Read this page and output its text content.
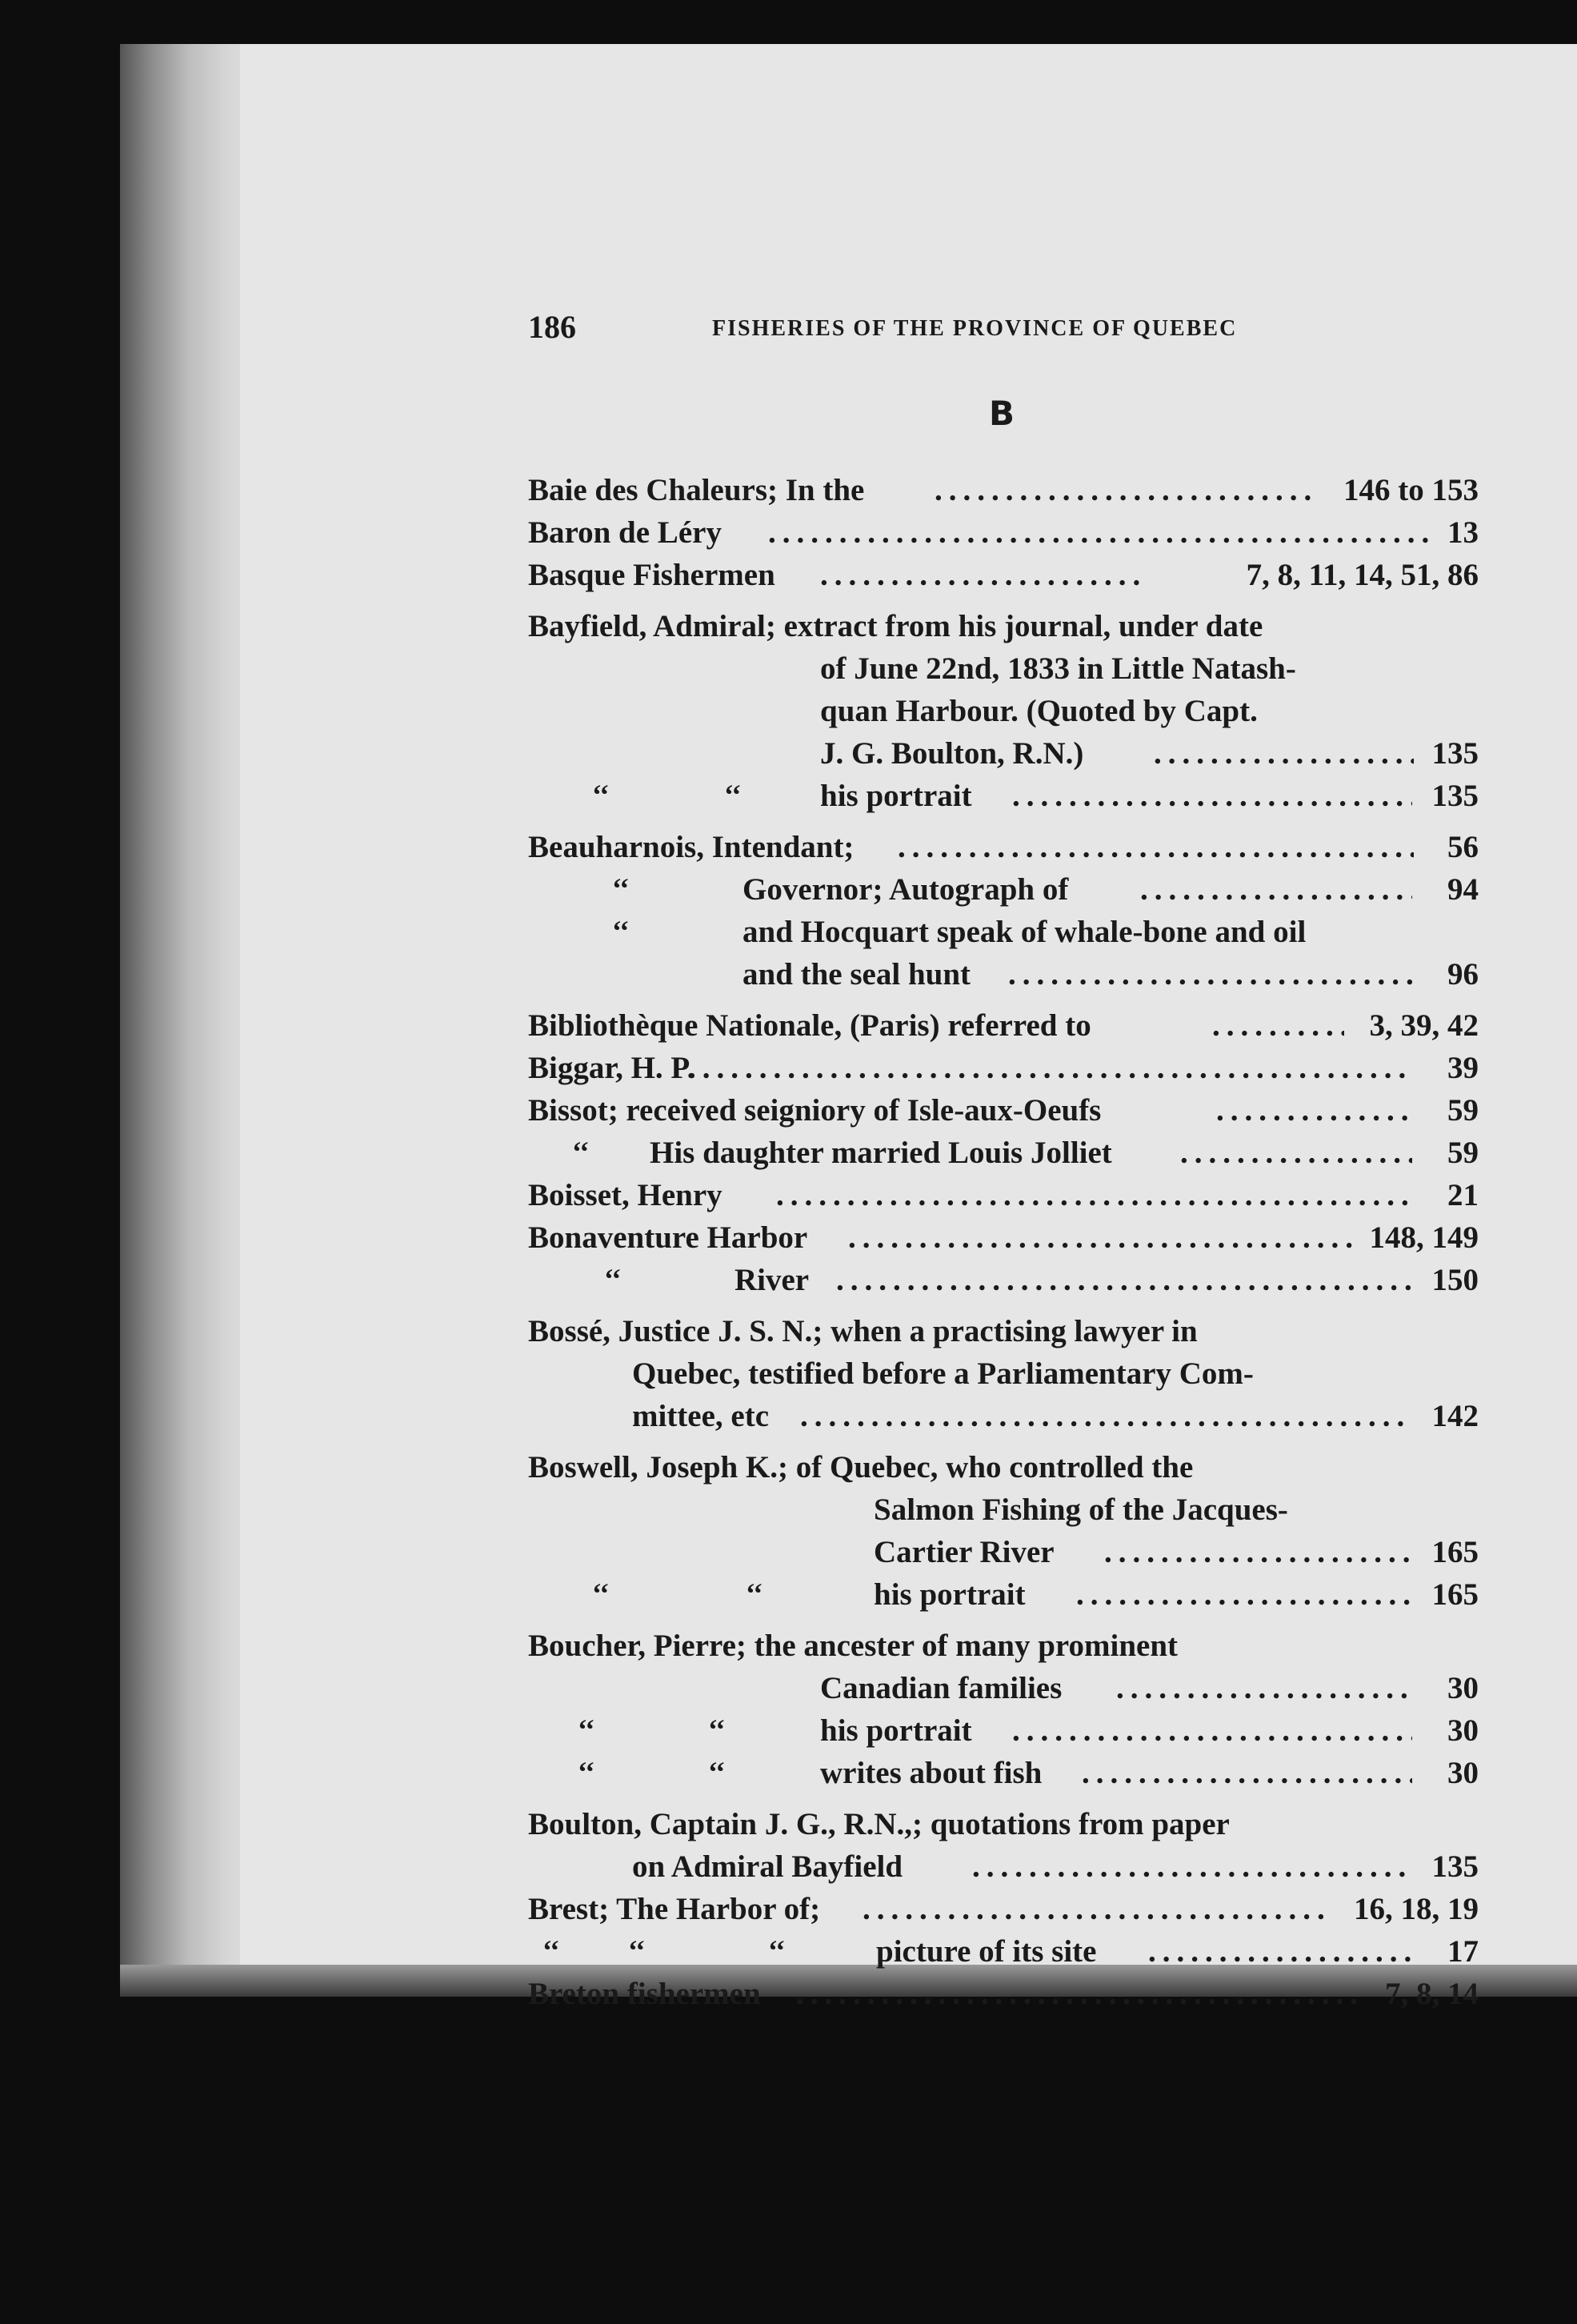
186	FISHERIES OF THE PROVINCE OF QUEBEC
B
Baie des Chaleurs; In the .....	146 to 153
Baron de Léry .....	13
Basque Fishermen .....	7, 8, 11, 14, 51, 86
Bayfield, Admiral; extract from his journal, under date
of June 22nd, 1833 in Little Natash-
quan Harbour. (Quoted by Capt.
J. G. Boulton, R.N.) .....	135
‘‘	‘‘	his portrait .....	135
Beauharnois, Intendant; .....	56
‘‘	Governor; Autograph of .....	94
‘‘	and Hocquart speak of whale-bone and oil
and the seal hunt .....	96
Bibliothèque Nationale, (Paris) referred to .....	3, 39, 42
Biggar, H. P. .....	39
Bissot; received seigniory of Isle-aux-Oeufs .....	59
‘‘ His daughter married Louis Jolliet .....	59
Boisset, Henry .....	21
Bonaventure Harbor .....	148, 149
‘‘	River .....	150
Bossé, Justice J. S. N.; when a practising lawyer in
Quebec, testified before a Parliamentary Com-
mittee, etc .....	142
Boswell, Joseph K.; of Quebec, who controlled the
Salmon Fishing of the Jacques-
Cartier River .....	165
‘‘	‘‘	his portrait .....	165
Boucher, Pierre; the ancester of many prominent
Canadian families .....	30
‘‘	‘‘	his portrait .....	30
‘‘	‘‘	writes about fish .....	30
Boulton, Captain J. G., R.N.,; quotations from paper
on Admiral Bayfield .....	135
Brest; The Harbor of; .....	16, 18, 19
‘‘ ‘‘	‘‘	picture of its site .....	17
Breton fishermen .....	7, 8, 14
